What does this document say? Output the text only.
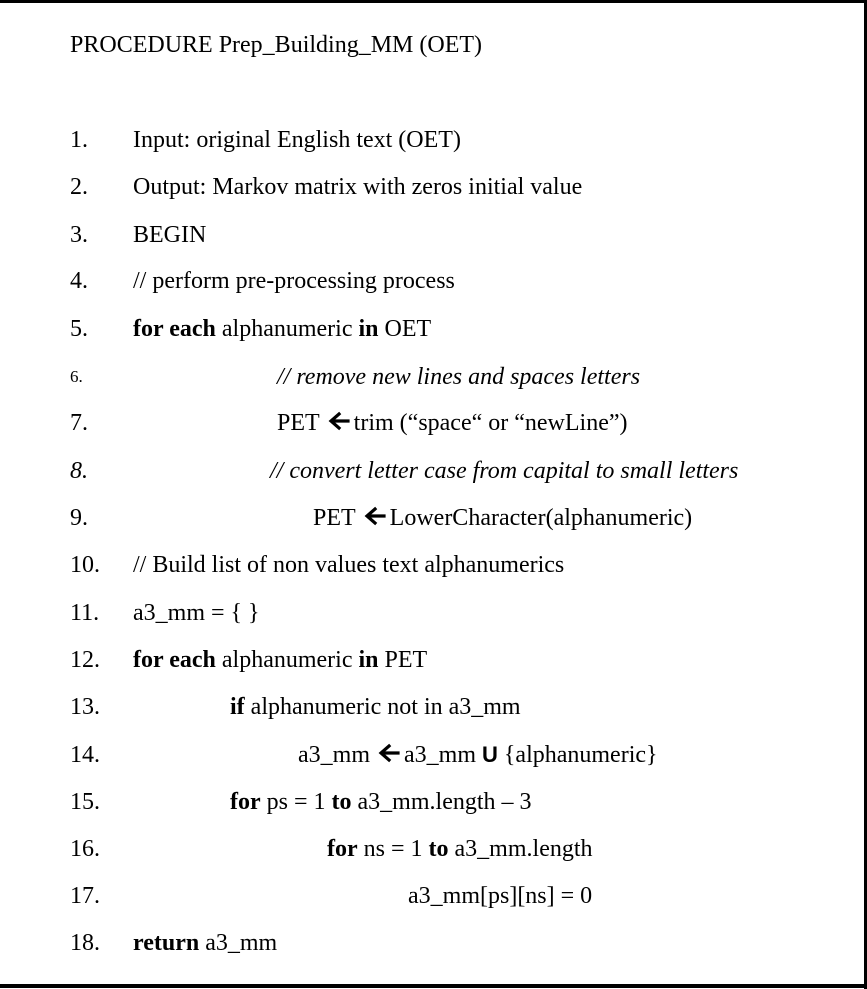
PROCEDURE Prep_Building_MM (OET)
1. Input: original English text (OET)
2. Output: Markov matrix with zeros initial value
3. BEGIN
4. // perform pre-processing process
5. for each alphanumeric in OET
6.	// remove new lines and spaces letters
7.	PET trim (“space“ or “newLine”)
8.	// convert letter case from capital to small letters
9.	PET LowerCharacter(alphanumeric)
10. // Build list of non values text alphanumerics
11. a3_mm = { }
12. for each alphanumeric in PET
13.	if alphanumeric not in a3_mm
14.	a3_mm a3_mm U {alphanumeric}
15.	for ps = 1 to a3_mm.length – 3
16.	for ns = 1 to a3_mm.length
17.	a3_mm[ps][ns] = 0
18. return a3_mm
